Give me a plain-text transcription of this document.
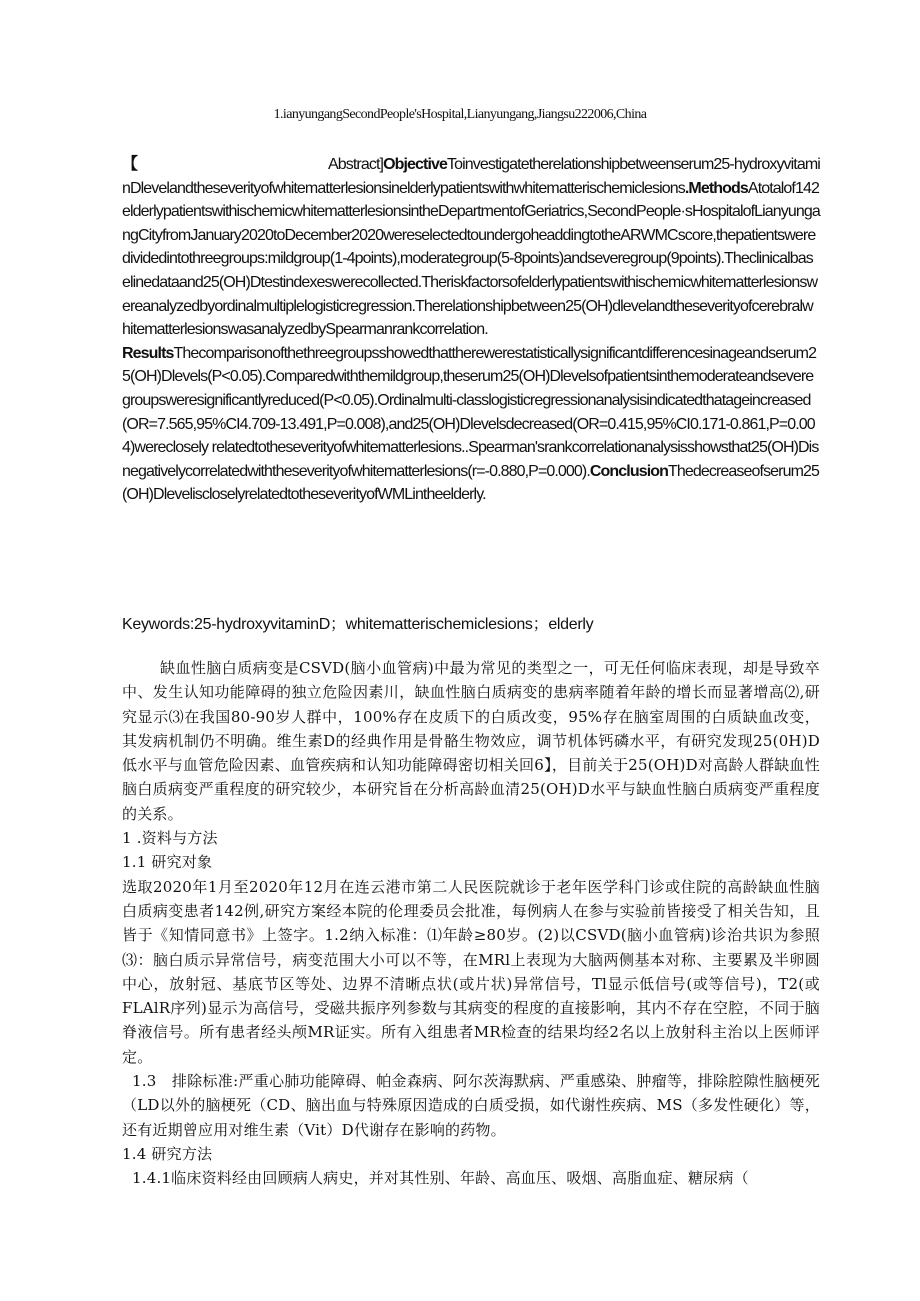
1.ianyungangSecondPeople'sHospital,Lianyungang,Jiangsu222006,China
【	Abstract]ObjectiveToinvestigatetherelationshipbetweenserum25-hydroxyvitaminDlevelandtheseverityofwhitematterlesionsinelderlypatientswithwhitematterischemiclesions.MethodsAtotalof142elderlypatientswithischemicwhitematterlesionsintheDepartmentofGeriatrics,SecondPeople·sHospitalofLianyungangCityfromJanuary2020toDecember2020wereselectedtoundergoheaddingtotheARWMCscore,thepatientsweredividedintothreegroups:mildgroup(1-4points),moderategroup(5-8points)andseveregroup(9points).Theclinicalbaselinedataand25(OH)Dtestindexeswerecollected.Theriskfactorsofelderlypatientswithischemicwhitematterlesionswereanalyzedbyordinalmultiplelogisticregression.Therelationshipbetween25(OH)dlevelandtheseverityofcerebralwhitematterlesionswasanalyzedbySpearmanrankcorrelation.
ResultsThecomparisonofthethreegroupsshowedthattherewerestatisticallysignificantdifferencesinageandserum25(OH)Dlevels(P<0.05).Comparedwiththemildgroup,theserum25(OH)Dlevelsofpatientsinthemoderateandseveregroupsweresignificantlyreduced(P<0.05).Ordinalmulti-classlogisticregressionanalysisindicatedthatageincreased(OR=7.565,95%CI4.709-13.491,P=0.008),and25(OH)Dlevelsdecreased(OR=0.415,95%CI0.171-0.861,P=0.004)wereclosely relatedtotheseverityofwhitematterlesions..Spearman'srankcorrelationanalysisshowsthat25(OH)Disnegativelycorrelatedwiththeseverityofwhitematterlesions(r=-0.880,P=0.000).ConclusionThedecreaseofserum25(OH)DleveliscloselyrelatedtotheseverityofWMLintheelderly.
Keywords:25-hydroxyvitaminD；whitematterischemiclesions；elderly

缺血性脑白质病变是CSVD(脑小血管病)中最为常见的类型之一，可无任何临床表现，却是导致卒中、发生认知功能障碍的独立危险因素川，缺血性脑白质病变的患病率随着年龄的增长而显著增高⑵,研究显示⑶在我国80-90岁人群中，100%存在皮质下的白质改变，95%存在脑室周围的白质缺血改变，其发病机制仍不明确。维生素D的经典作用是骨骼生物效应，调节机体钙磷水平，有研究发现25(0H)D低水平与血管危险因素、血管疾病和认知功能障碍密切相关回6】，目前关于25(OH)D对高龄人群缺血性脑白质病变严重程度的研究较少，本研究旨在分析高龄血清25(OH)D水平与缺血性脑白质病变严重程度的关系。

1 .资料与方法

1.1 研究对象

选取2020年1月至2020年12月在连云港市第二人民医院就诊于老年医学科门诊或住院的高龄缺血性脑白质病变患者142例,研究方案经本院的伦理委员会批准，每例病人在参与实验前皆接受了相关告知，且皆于《知情同意书》上签字。1.2纳入标准：⑴年龄≥80岁。(2)以CSVD(脑小血管病)诊治共识为参照⑶：脑白质示异常信号，病变范围大小可以不等，在MRl上表现为大脑两侧基本对称、主要累及半卵圆中心，放射冠、基底节区等处、边界不清晰点状(或片状)异常信号，Tl显示低信号(或等信号)，T2(或FLAlR序列)显示为高信号，受磁共振序列参数与其病变的程度的直接影响，其内不存在空腔，不同于脑脊液信号。所有患者经头颅MR证实。所有入组患者MR检查的结果均经2名以上放射科主治以上医师评定。

1.3　排除标准:严重心肺功能障碍、帕金森病、阿尔茨海默病、严重感染、肿瘤等，排除腔隙性脑梗死（LD以外的脑梗死（CD、脑出血与特殊原因造成的白质受损，如代谢性疾病、MS（多发性硬化）等，还有近期曾应用对维生素（Vit）D代谢存在影响的药物。

1.4 研究方法

1.4.1临床资料经由回顾病人病史，并对其性别、年龄、高血压、吸烟、高脂血症、糖尿病（
